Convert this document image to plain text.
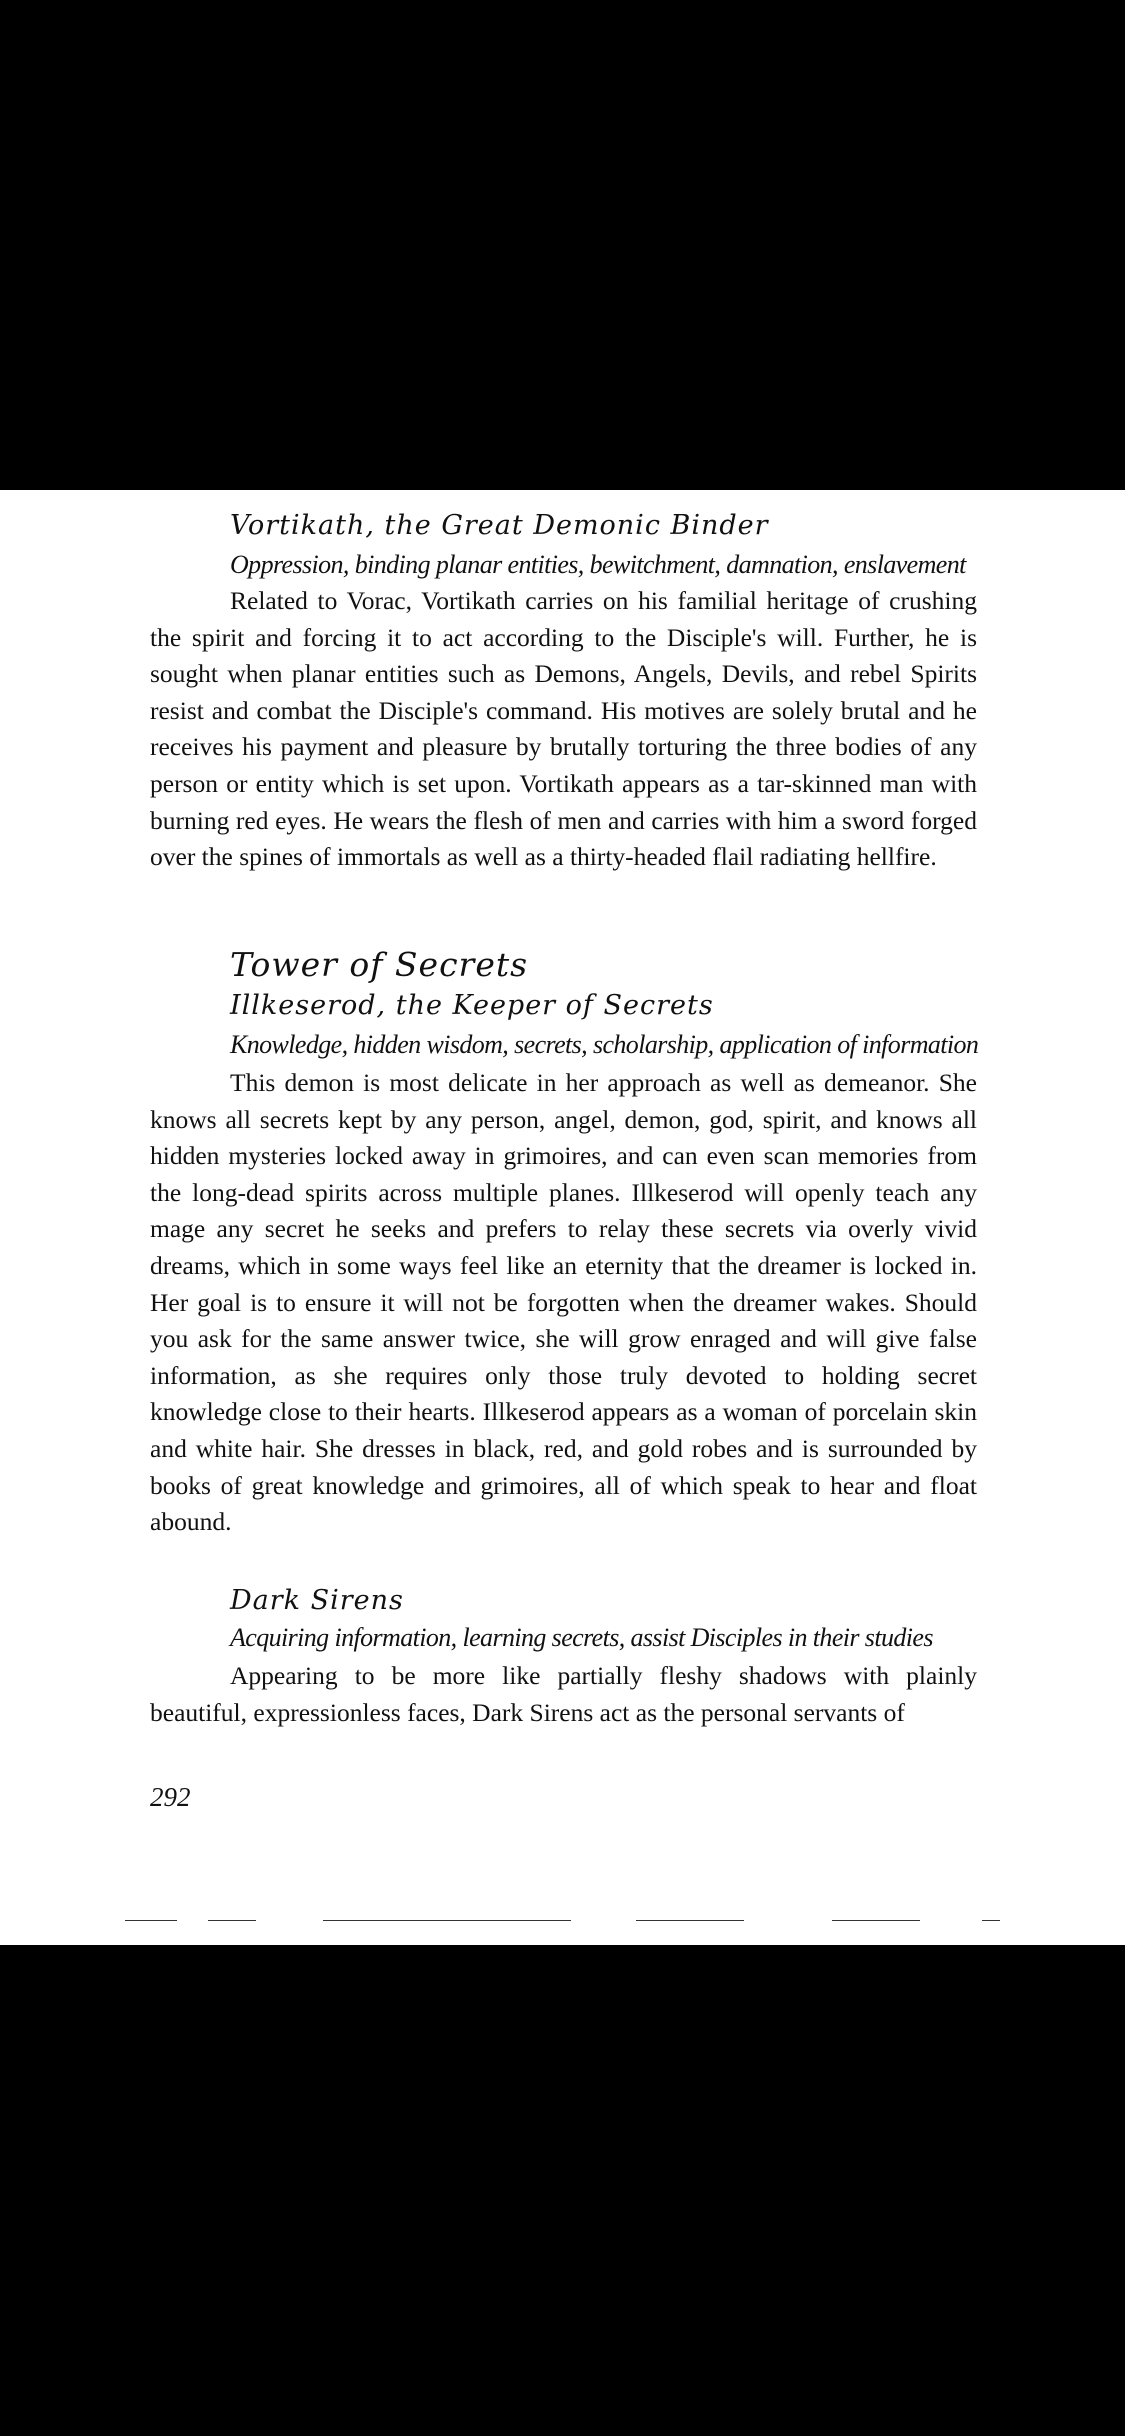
Vortikath, the Great Demonic Binder
Oppression, binding planar entities, bewitchment, damnation, enslavement

Related to Vorac, Vortikath carries on his familial heritage of crushing the spirit and forcing it to act according to the Disciple's will. Further, he is sought when planar entities such as Demons, Angels, Devils, and rebel Spirits resist and combat the Disciple's command. His motives are solely brutal and he receives his payment and pleasure by brutally torturing the three bodies of any person or entity which is set upon. Vortikath appears as a tar-skinned man with burning red eyes. He wears the flesh of men and carries with him a sword forged over the spines of immortals as well as a thirty-headed flail radiating hellfire.

Tower of Secrets
Illkeserod, the Keeper of Secrets
Knowledge, hidden wisdom, secrets, scholarship, application of information

This demon is most delicate in her approach as well as demeanor. She knows all secrets kept by any person, angel, demon, god, spirit, and knows all hidden mysteries locked away in grimoires, and can even scan memories from the long-dead spirits across multiple planes. Illkeserod will openly teach any mage any secret he seeks and prefers to relay these secrets via overly vivid dreams, which in some ways feel like an eternity that the dreamer is locked in. Her goal is to ensure it will not be forgotten when the dreamer wakes. Should you ask for the same answer twice, she will grow enraged and will give false information, as she requires only those truly devoted to holding secret knowledge close to their hearts. Illkeserod appears as a woman of porcelain skin and white hair. She dresses in black, red, and gold robes and is surrounded by books of great knowledge and grimoires, all of which speak to hear and float abound.

Dark Sirens
Acquiring information, learning secrets, assist Disciples in their studies

Appearing to be more like partially fleshy shadows with plainly beautiful, expressionless faces, Dark Sirens act as the personal servants of

292
